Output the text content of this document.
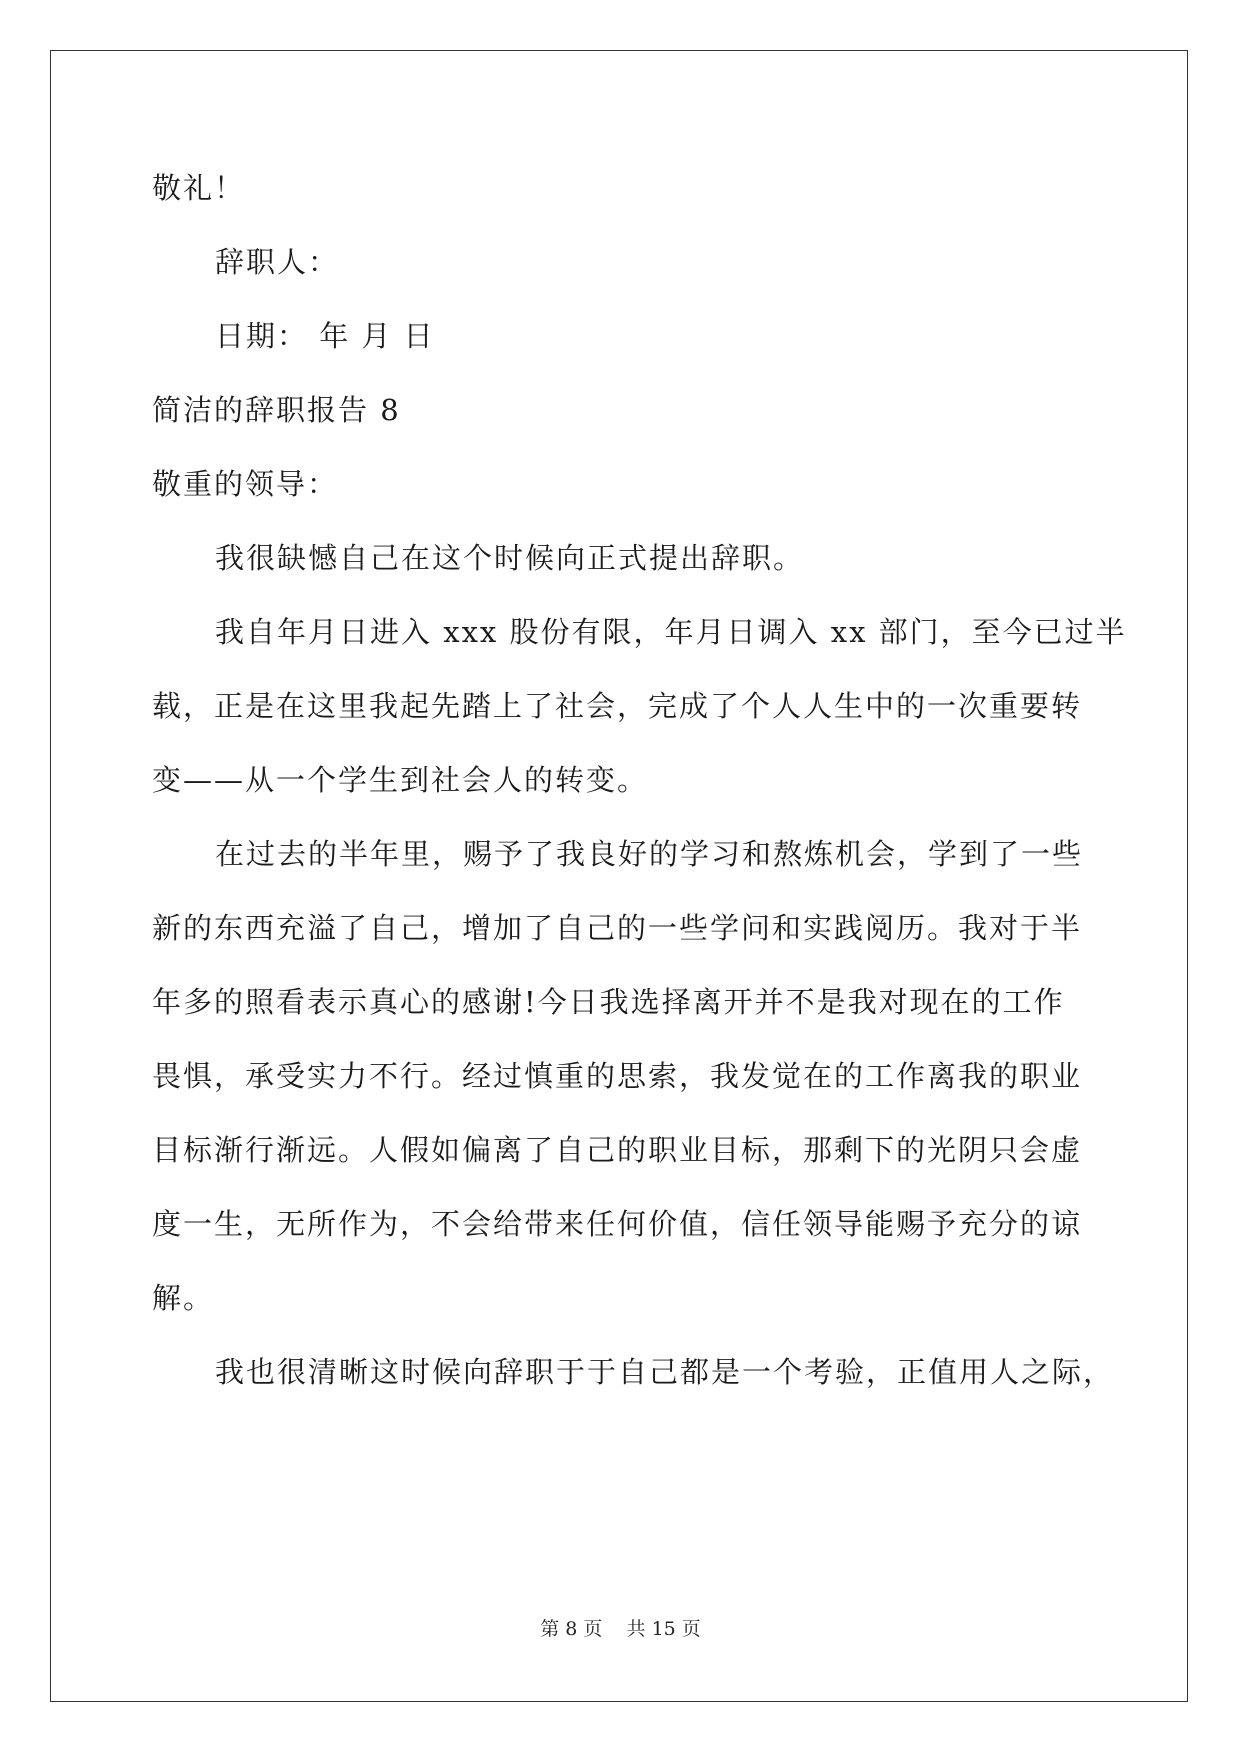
敬礼！
辞职人：
日期： 年 月 日
简洁的辞职报告 8
敬重的领导：
我很缺憾自己在这个时候向正式提出辞职。
我自年月日进入 xxx 股份有限，年月日调入 xx 部门，至今已过半
载，正是在这里我起先踏上了社会，完成了个人人生中的一次重要转
变——从一个学生到社会人的转变。
在过去的半年里，赐予了我良好的学习和熬炼机会，学到了一些
新的东西充溢了自己，增加了自己的一些学问和实践阅历。我对于半
年多的照看表示真心的感谢!今日我选择离开并不是我对现在的工作
畏惧，承受实力不行。经过慎重的思索，我发觉在的工作离我的职业
目标渐行渐远。人假如偏离了自己的职业目标，那剩下的光阴只会虚
度一生，无所作为，不会给带来任何价值，信任领导能赐予充分的谅
解。
我也很清晰这时候向辞职于于自己都是一个考验，正值用人之际，
第 8 页    共 15 页
